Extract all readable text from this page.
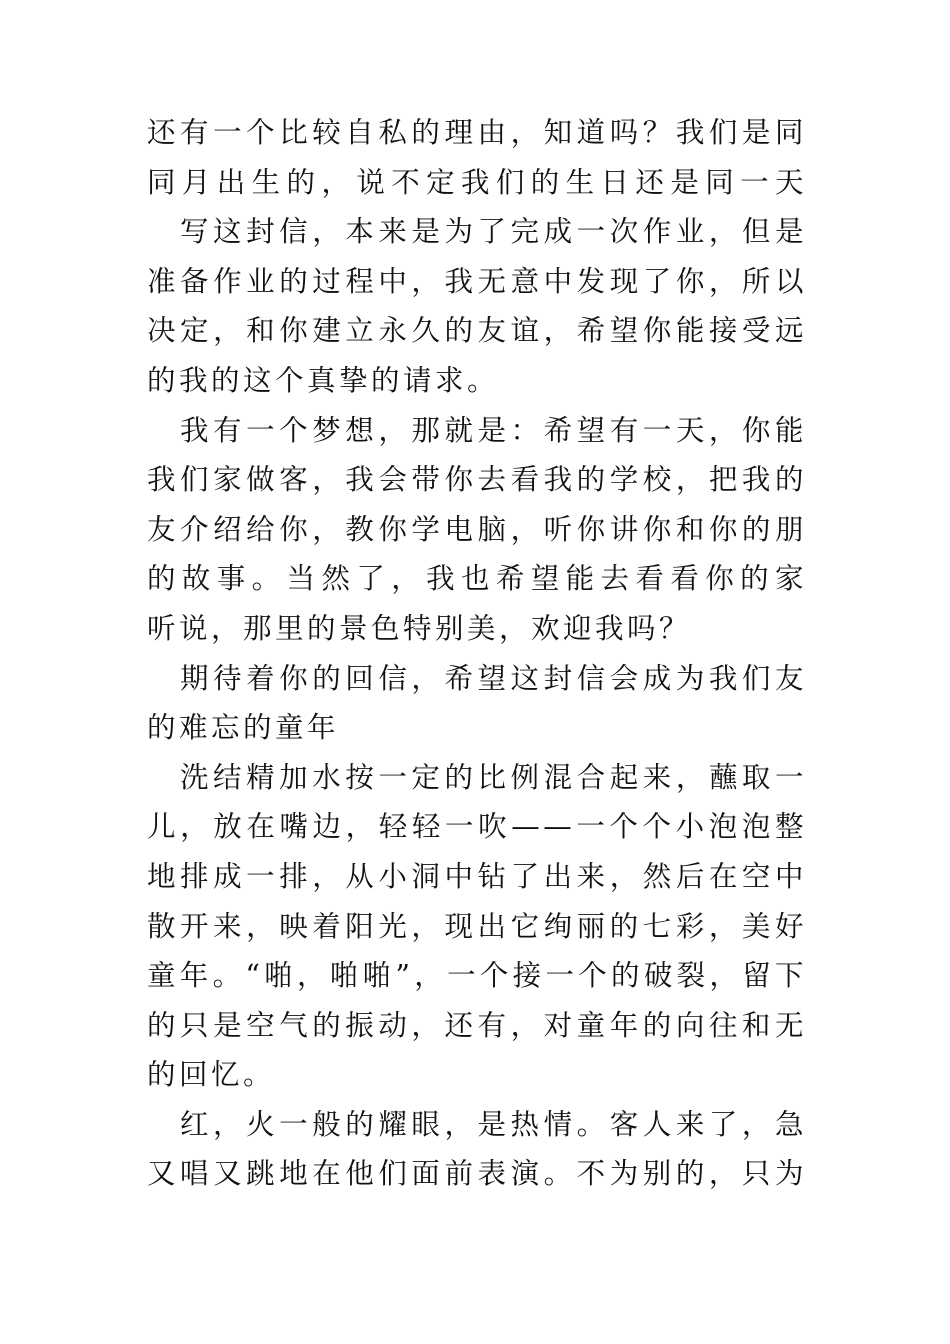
还有一个比较自私的理由，知道吗？我们是同
同月出生的，说不定我们的生日还是同一天
写这封信，本来是为了完成一次作业，但是
准备作业的过程中，我无意中发现了你，所以
决定，和你建立永久的友谊，希望你能接受远
的我的这个真挚的请求。
我有一个梦想，那就是：希望有一天，你能
我们家做客，我会带你去看我的学校，把我的
友介绍给你，教你学电脑，听你讲你和你的朋
的故事。当然了，我也希望能去看看你的家
听说，那里的景色特别美，欢迎我吗？
期待着你的回信，希望这封信会成为我们友
的难忘的童年
洗结精加水按一定的比例混合起来，蘸取一
儿，放在嘴边，轻轻一吹——一个个小泡泡整
地排成一排，从小洞中钻了出来，然后在空中
散开来，映着阳光，现出它绚丽的七彩，美好
童年。“啪，啪啪”，一个接一个的破裂，留下
的只是空气的振动，还有，对童年的向往和无
的回忆。
红，火一般的耀眼，是热情。客人来了，急
又唱又跳地在他们面前表演。不为别的，只为
